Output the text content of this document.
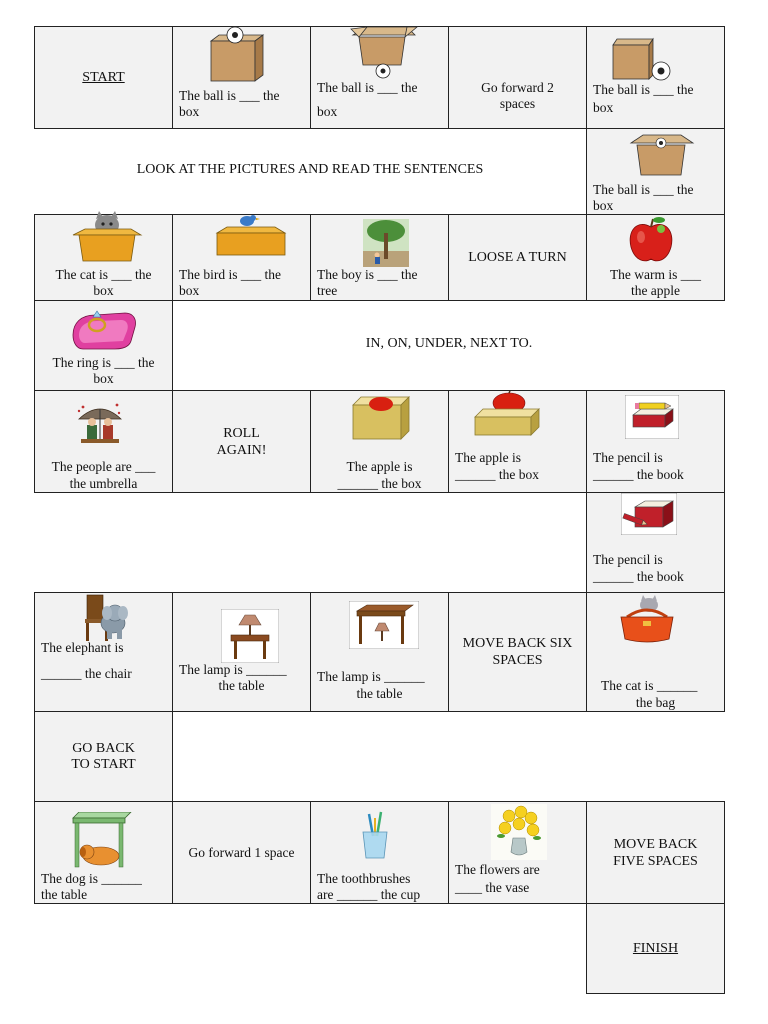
START
The ball is ___ the
box
The ball is ___ the
box
Go forward 2
spaces
The ball is ___ the
box
LOOK AT THE PICTURES AND READ THE SENTENCES
The ball is ___ the
box
The cat is ___ the
box
The bird is ___ the
box
The boy is ___ the
tree
LOOSE A TURN
The warm is ___
the apple
The ring is ___ the
box
IN, ON, UNDER, NEXT TO.
The people are ___
the umbrella
ROLL
AGAIN!
The apple is
______ the box
The apple is
______ the box
The pencil is
______ the book
The pencil is
______ the book
The elephant is
______ the chair	The lamp is ______
the table
The lamp is ______
the table
MOVE BACK SIX
SPACES
The cat is ______
the bag
GO BACK
TO START
The dog is ______
the table
Go forward 1 space
The toothbrushes
are ______ the cup
The flowers are
____ the vase
MOVE BACK
FIVE SPACES
FINISH
